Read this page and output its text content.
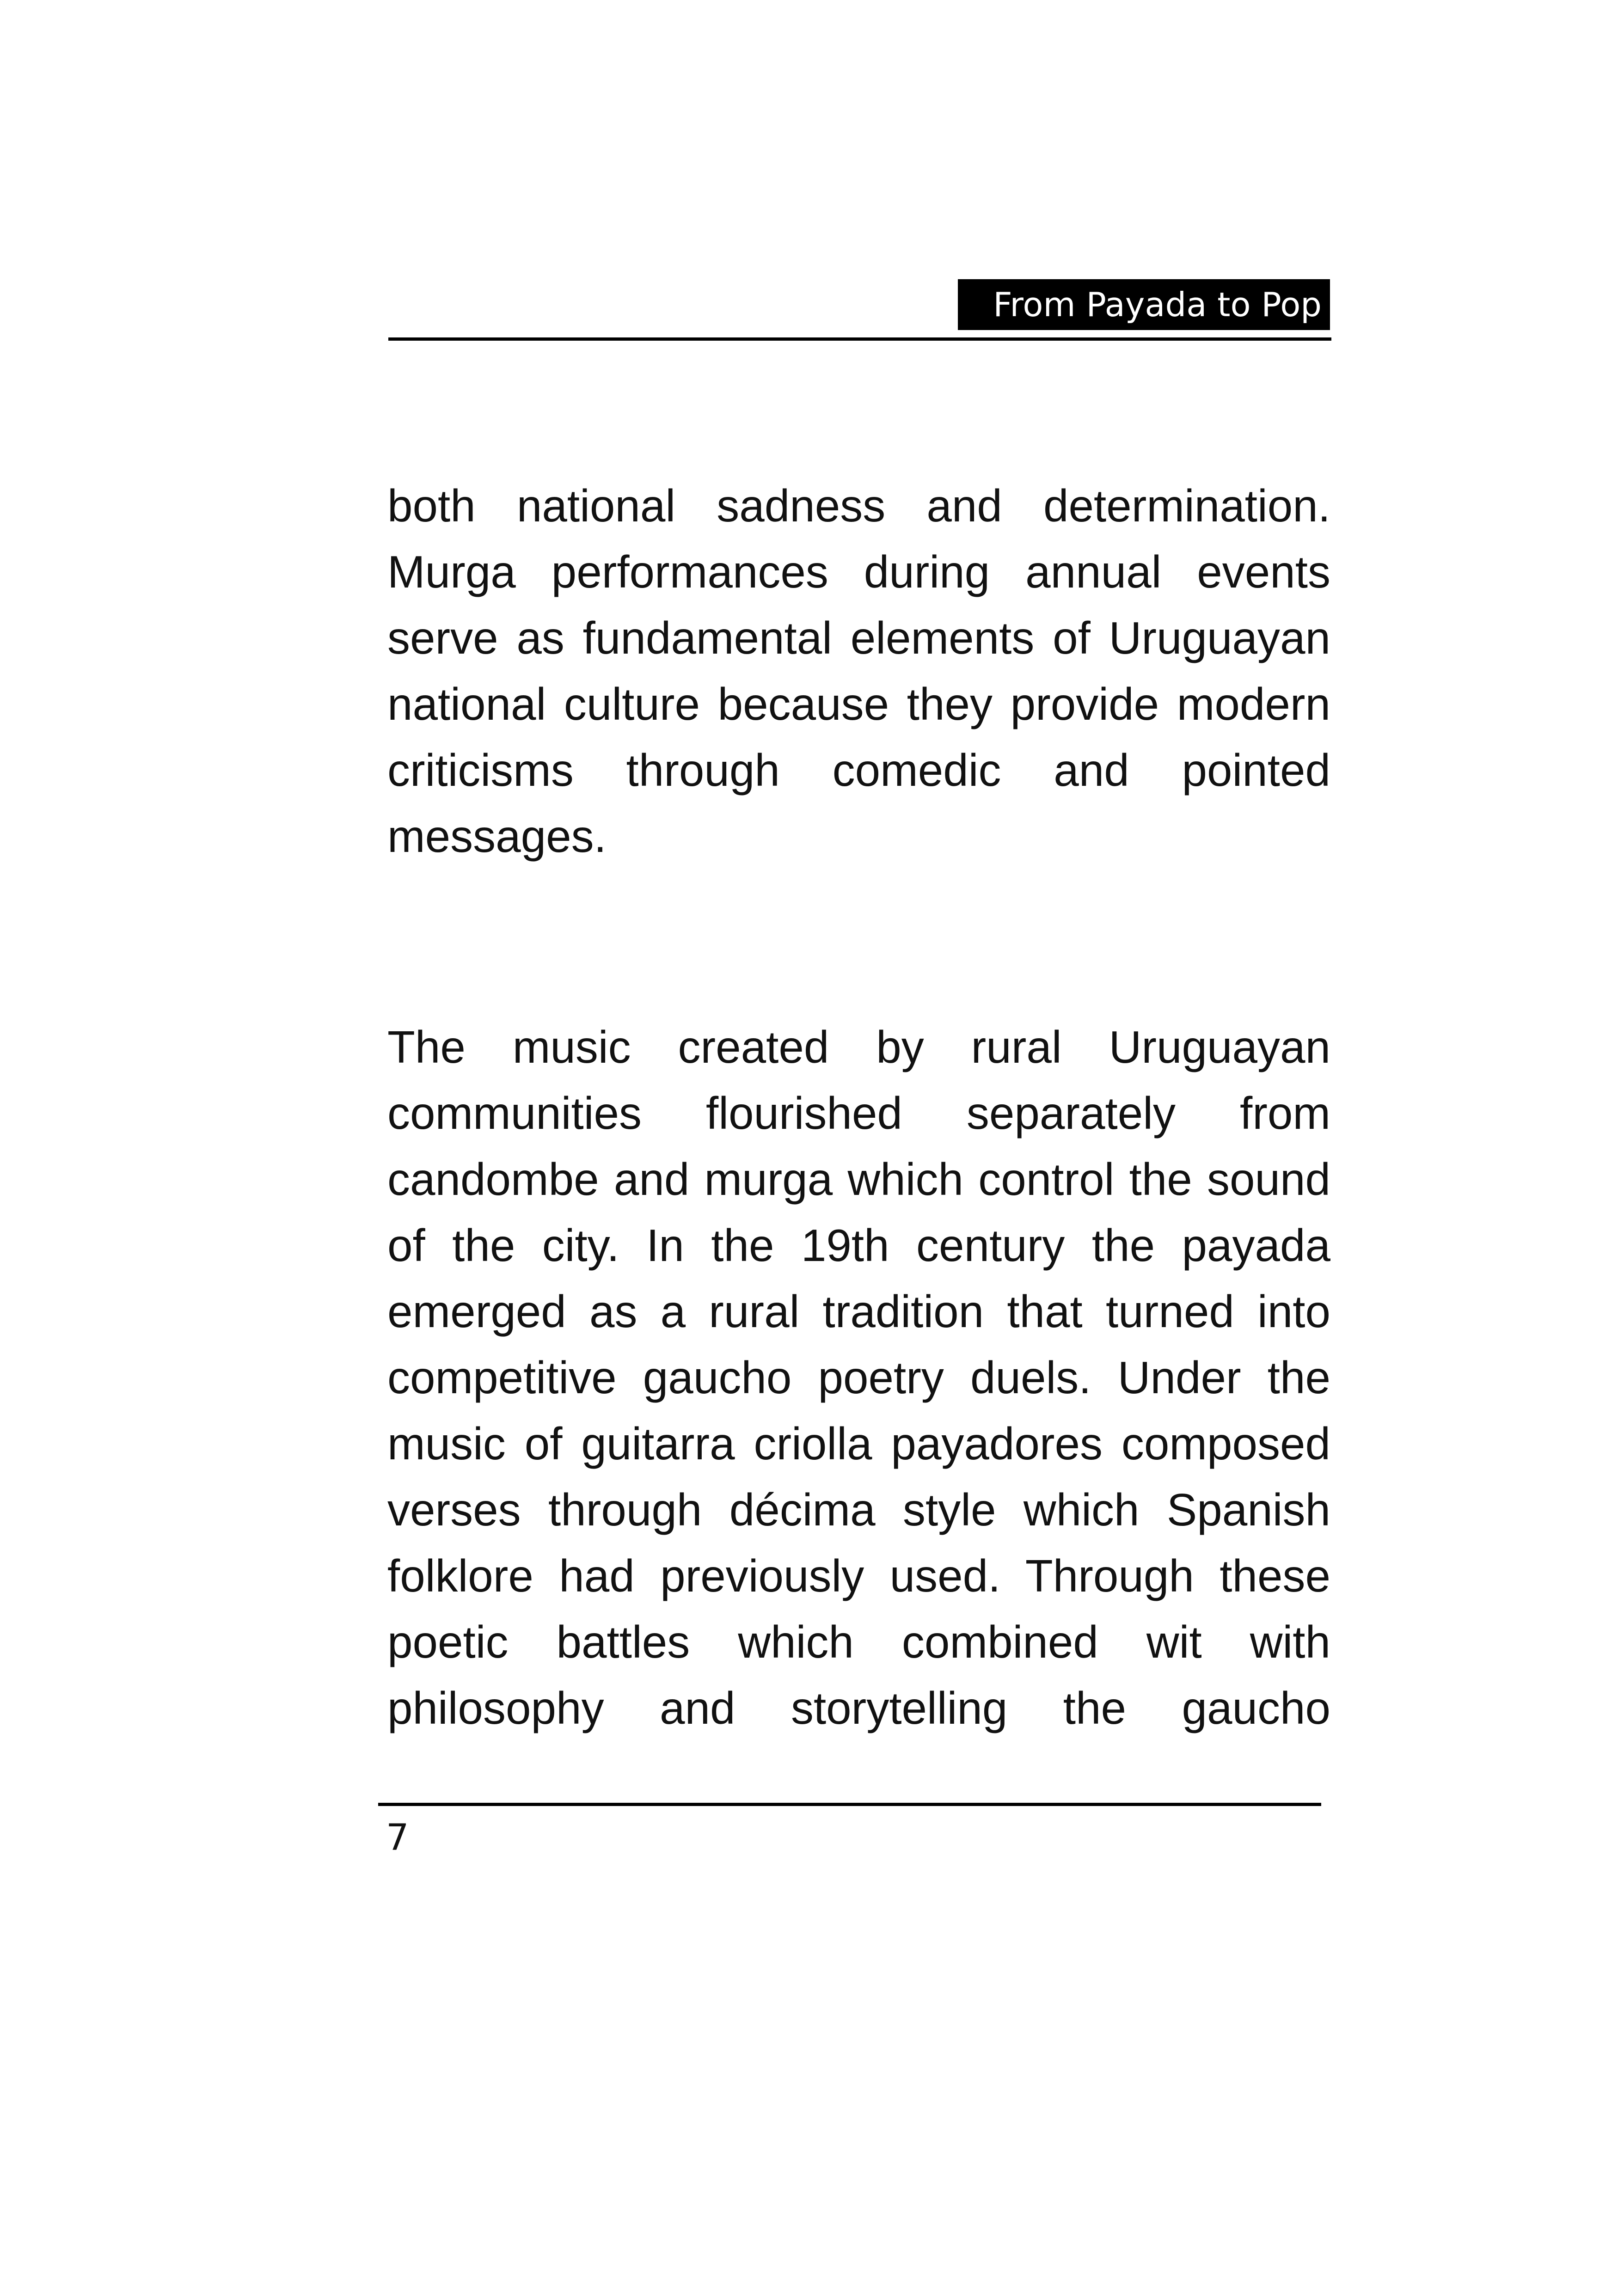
From Payada to Pop
both national sadness and determination.
Murga performances during annual events
serve as fundamental elements of Uruguayan
national culture because they provide modern
criticisms through comedic and pointed
messages.
The music created by rural Uruguayan
communities flourished separately from
candombe and murga which control the sound
of the city. In the 19th century the payada
emerged as a rural tradition that turned into
competitive gaucho poetry duels. Under the
music of guitarra criolla payadores composed
verses through décima style which Spanish
folklore had previously used. Through these
poetic battles which combined wit with
philosophy and storytelling the gaucho
7
